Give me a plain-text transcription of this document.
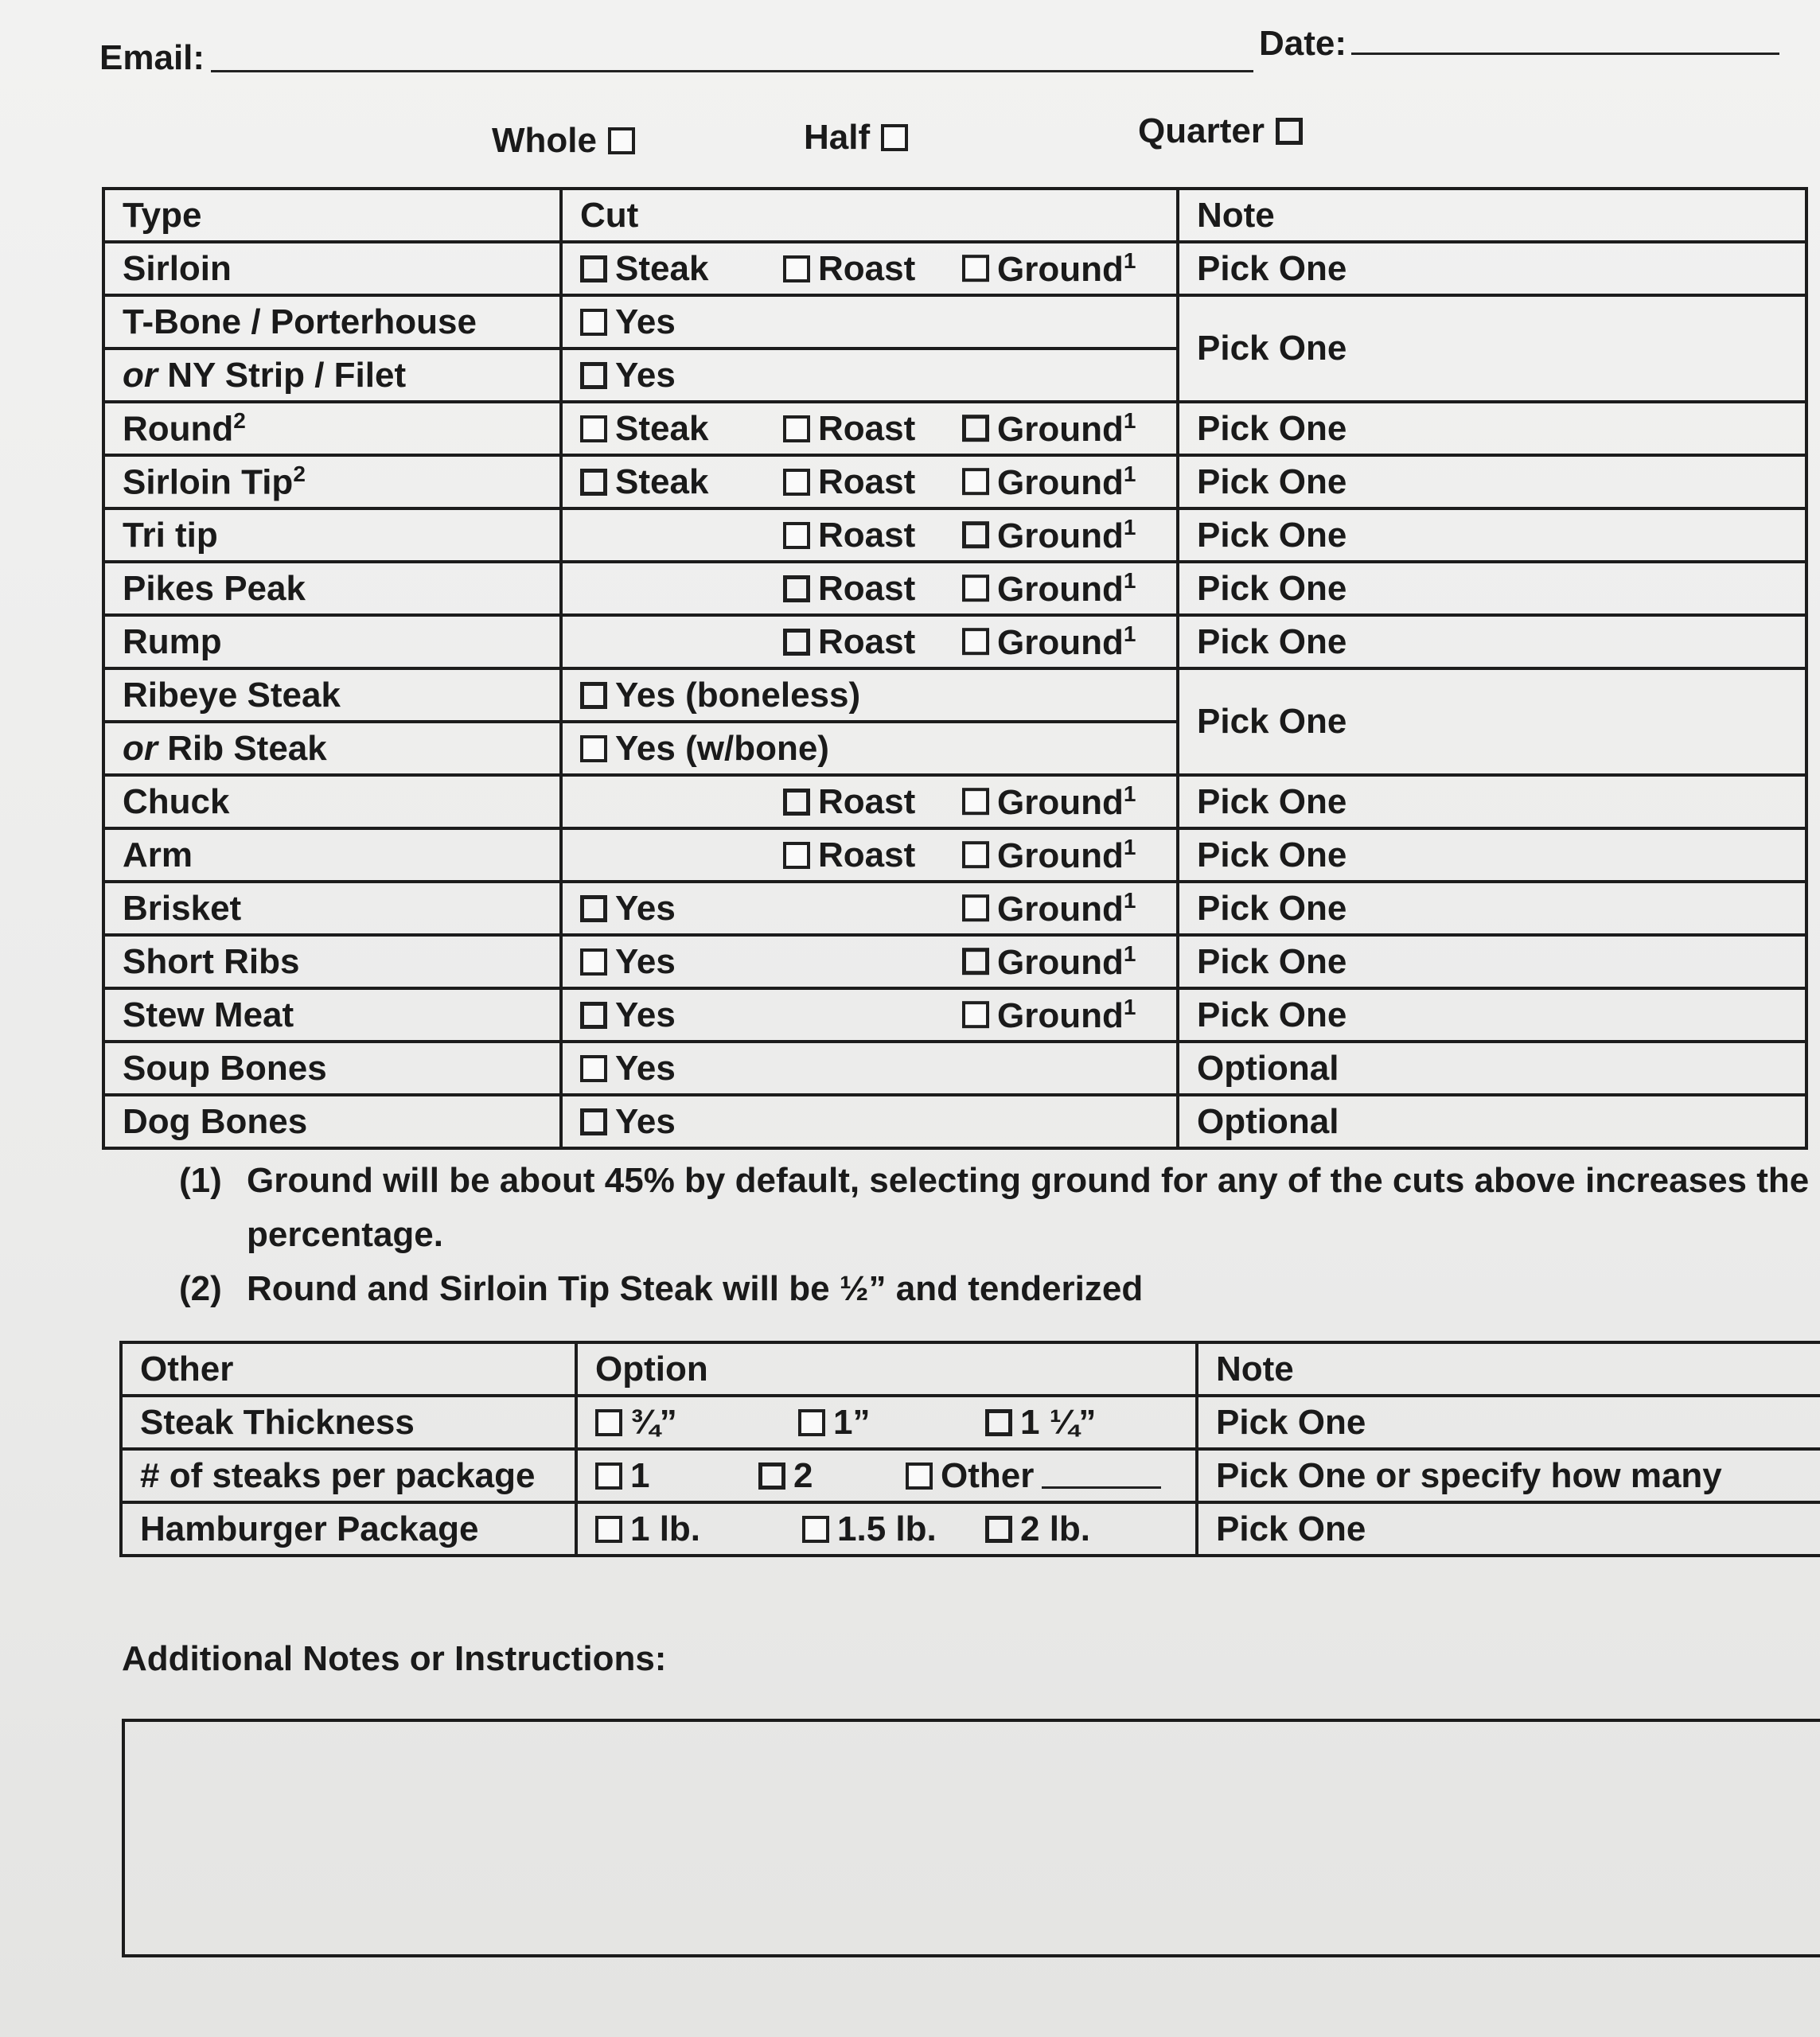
Email:	Date:
Whole	Half	Quarter
Type	Cut	Note
Sirloin	Steak Roast Ground$^1$	Pick One
T-Bone / Porterhouse	Yes	Pick One
or NY Strip / Filet	Yes	

Round$^2$	Steak Roast Ground$^1$	Pick One
Sirloin Tip$^2$	Steak Roast Ground$^1$	Pick One
Tri tip	Roast Ground$^1$	Pick One
Pikes Peak	Roast Ground$^1$	Pick One
Rump	Roast Ground$^1$	Pick One
Ribeye Steak	Yes (boneless)	Pick One
or Rib Steak	Yes (w/bone)	

Chuck	Roast Ground$^1$	Pick One
Arm	Roast Ground$^1$	Pick One
Brisket	Yes Ground$^1$	Pick One
Short Ribs	Yes Ground$^1$	Pick One
Stew Meat	Yes Ground$^1$	Pick One
Soup Bones	Yes	Optional
Dog Bones	Yes	Optional
(1) Ground will be about 45% by default, selecting ground for any of the cuts above increases the percentage.
(2) Round and Sirloin Tip Steak will be ½” and tenderized
Other	Option	Note
Steak Thickness	¾” 1” 1 ¼”	Pick One
# of steaks per package	1 2 Other	Pick One or specify how many
Hamburger Package	1 lb. 1.5 lb. 2 lb.	Pick One
Additional Notes or Instructions:
